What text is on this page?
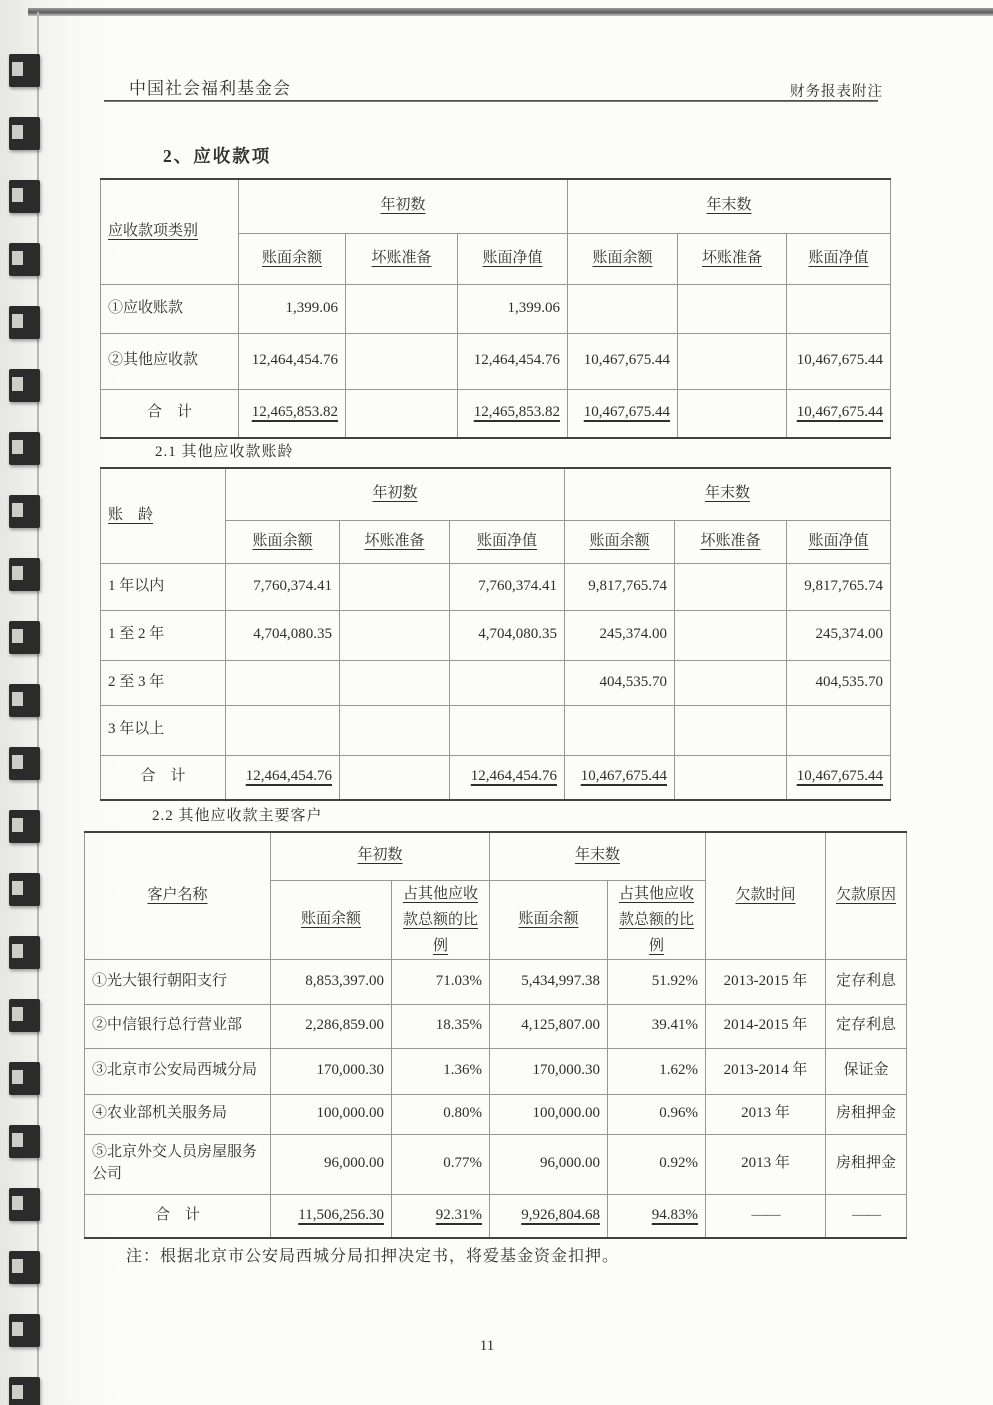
中国社会福利基金会	财务报表附注
2、应收款项
应收款项类别	年初数			年末数		
	账面余额	坏账准备	账面净值	账面余额	坏账准备	账面净值
①应收账款	1,399.06		1,399.06			
②其他应收款	12,464,454.76		12,464,454.76	10,467,675.44		10,467,675.44
合　计	12,465,853.82		12,465,853.82	10,467,675.44		10,467,675.44
2.1 其他应收款账龄
账　龄	年初数			年末数		
	账面余额	坏账准备	账面净值	账面余额	坏账准备	账面净值
1 年以内	7,760,374.41		7,760,374.41	9,817,765.74		9,817,765.74
1 至 2 年	4,704,080.35		4,704,080.35	245,374.00		245,374.00
2 至 3 年				404,535.70		404,535.70
3 年以上						
合　计	12,464,454.76		12,464,454.76	10,467,675.44		10,467,675.44
2.2 其他应收款主要客户
客户名称	年初数		年末数		欠款时间	欠款原因
	账面余额	占其他应收款总额的比例	账面余额	占其他应收款总额的比例		
①光大银行朝阳支行	8,853,397.00	71.03%	5,434,997.38	51.92%	2013-2015 年	定存利息
②中信银行总行营业部	2,286,859.00	18.35%	4,125,807.00	39.41%	2014-2015 年	定存利息
③北京市公安局西城分局	170,000.30	1.36%	170,000.30	1.62%	2013-2014 年	保证金
④农业部机关服务局	100,000.00	0.80%	100,000.00	0.96%	2013 年	房租押金
⑤北京外交人员房屋服务公司	96,000.00	0.77%	96,000.00	0.92%	2013 年	房租押金
合　计	11,506,256.30	92.31%	9,926,804.68	94.83%	——	——
注：根据北京市公安局西城分局扣押决定书，将爱基金资金扣押。
11
